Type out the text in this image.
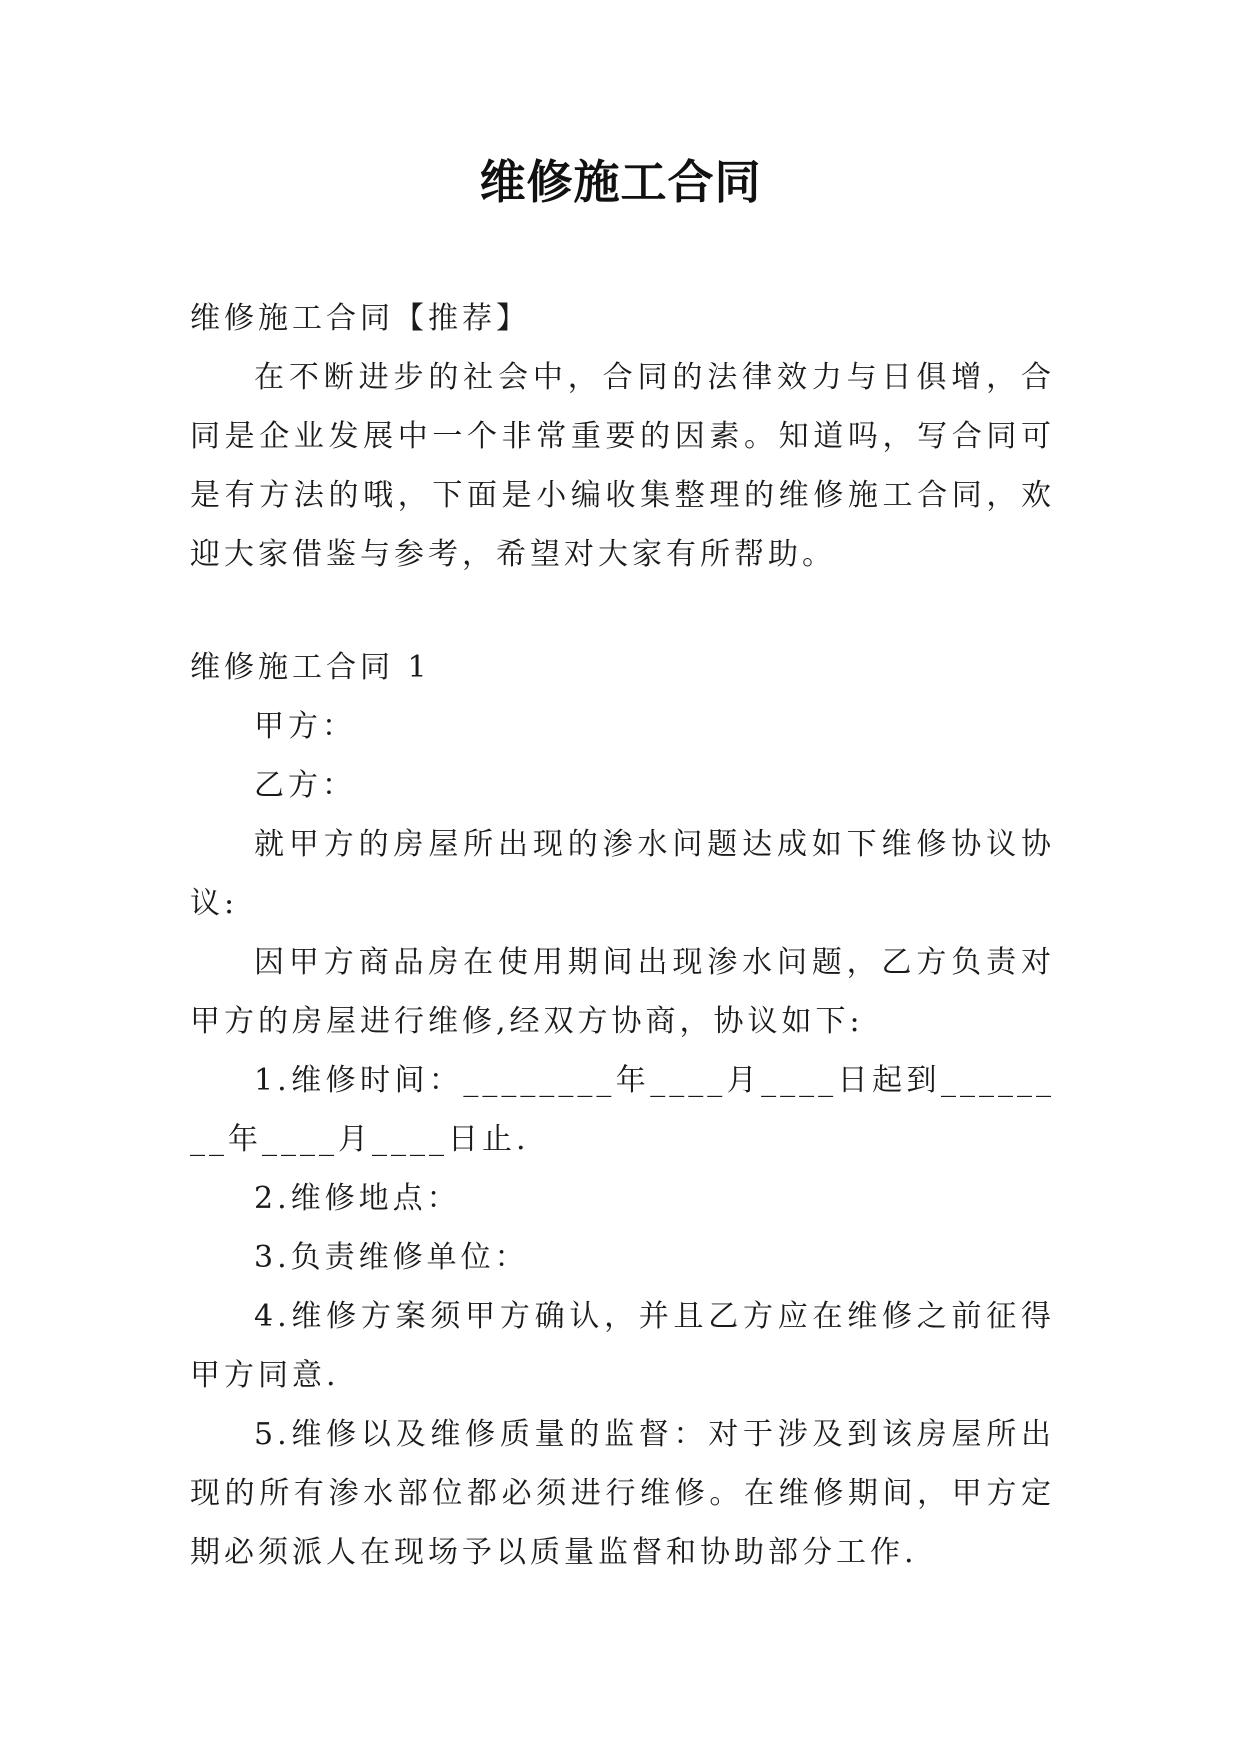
维修施工合同

维修施工合同【推荐】

在不断进步的社会中，合同的法律效力与日俱增，合同是企业发展中一个非常重要的因素。知道吗，写合同可是有方法的哦，下面是小编收集整理的维修施工合同，欢迎大家借鉴与参考，希望对大家有所帮助。

维修施工合同 1

甲方：

乙方：

就甲方的房屋所出现的渗水问题达成如下维修协议协议:

因甲方商品房在使用期间出现渗水问题，乙方负责对甲方的房屋进行维修,经双方协商，协议如下:

1.维修时间：________年____月____日起到________年____月____日止.

2.维修地点：

3.负责维修单位：

4.维修方案须甲方确认，并且乙方应在维修之前征得甲方同意.

5.维修以及维修质量的监督：对于涉及到该房屋所出现的所有渗水部位都必须进行维修。在维修期间，甲方定期必须派人在现场予以质量监督和协助部分工作.
